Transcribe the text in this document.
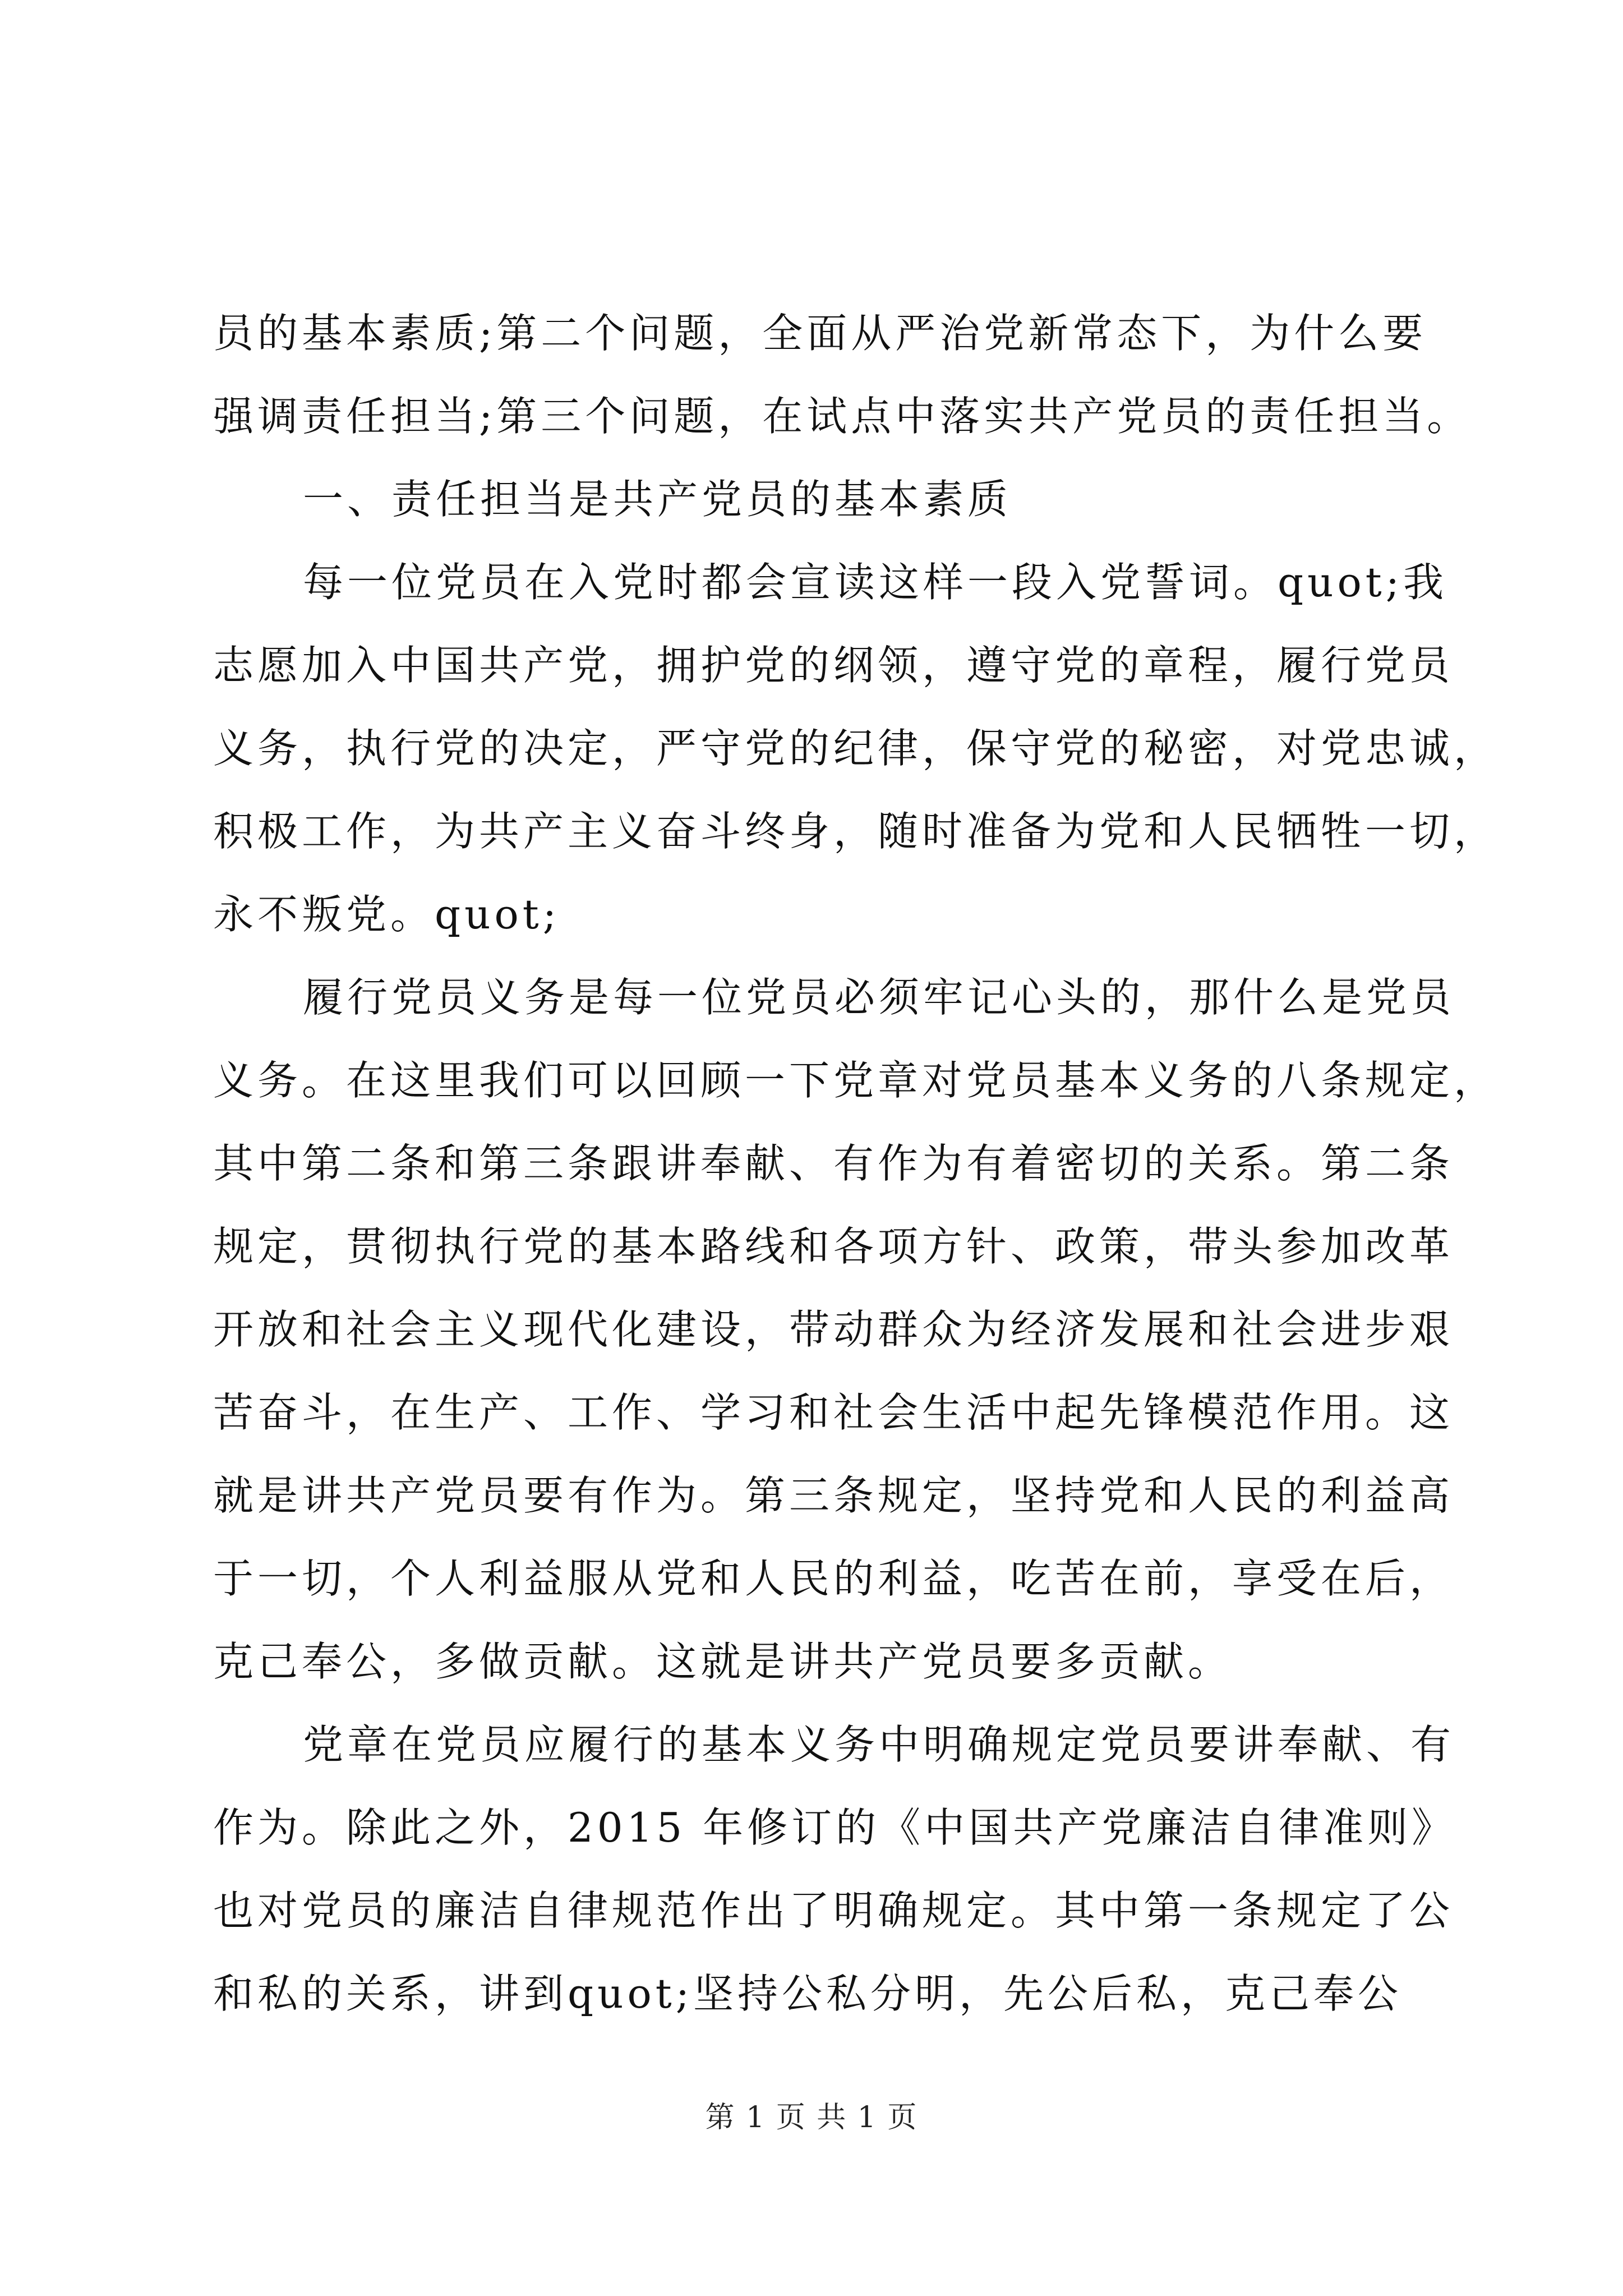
员的基本素质;第二个问题，全面从严治党新常态下，为什么要
强调责任担当;第三个问题，在试点中落实共产党员的责任担当。
一、责任担当是共产党员的基本素质
每一位党员在入党时都会宣读这样一段入党誓词。quot;我
志愿加入中国共产党，拥护党的纲领，遵守党的章程，履行党员
义务，执行党的决定，严守党的纪律，保守党的秘密，对党忠诚，
积极工作，为共产主义奋斗终身，随时准备为党和人民牺牲一切，
永不叛党。quot;
履行党员义务是每一位党员必须牢记心头的，那什么是党员
义务。在这里我们可以回顾一下党章对党员基本义务的八条规定，
其中第二条和第三条跟讲奉献、有作为有着密切的关系。第二条
规定，贯彻执行党的基本路线和各项方针、政策，带头参加改革
开放和社会主义现代化建设，带动群众为经济发展和社会进步艰
苦奋斗，在生产、工作、学习和社会生活中起先锋模范作用。这
就是讲共产党员要有作为。第三条规定，坚持党和人民的利益高
于一切，个人利益服从党和人民的利益，吃苦在前，享受在后，
克己奉公，多做贡献。这就是讲共产党员要多贡献。
党章在党员应履行的基本义务中明确规定党员要讲奉献、有
作为。除此之外，2015 年修订的《中国共产党廉洁自律准则》
也对党员的廉洁自律规范作出了明确规定。其中第一条规定了公
和私的关系，讲到quot;坚持公私分明，先公后私，克己奉公
第 1 页 共 1 页
